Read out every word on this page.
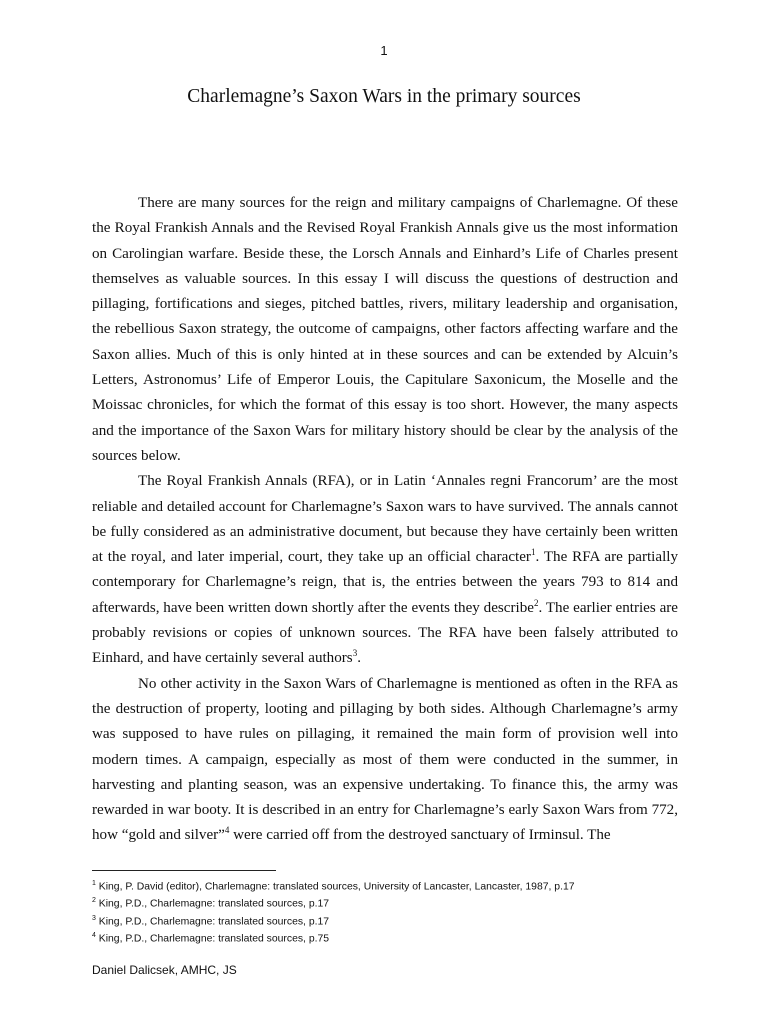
1
Charlemagne’s Saxon Wars in the primary sources

There are many sources for the reign and military campaigns of Charlemagne. Of these the Royal Frankish Annals and the Revised Royal Frankish Annals give us the most information on Carolingian warfare. Beside these, the Lorsch Annals and Einhard’s Life of Charles present themselves as valuable sources. In this essay I will discuss the questions of destruction and pillaging, fortifications and sieges, pitched battles, rivers, military leadership and organisation, the rebellious Saxon strategy, the outcome of campaigns, other factors affecting warfare and the Saxon allies. Much of this is only hinted at in these sources and can be extended by Alcuin’s Letters, Astronomus’ Life of Emperor Louis, the Capitulare Saxonicum, the Moselle and the Moissac chronicles, for which the format of this essay is too short. However, the many aspects and the importance of the Saxon Wars for military history should be clear by the analysis of the sources below.

The Royal Frankish Annals (RFA), or in Latin ‘Annales regni Francorum’ are the most reliable and detailed account for Charlemagne’s Saxon wars to have survived. The annals cannot be fully considered as an administrative document, but because they have certainly been written at the royal, and later imperial, court, they take up an official character$^1$. The RFA are partially contemporary for Charlemagne’s reign, that is, the entries between the years 793 to 814 and afterwards, have been written down shortly after the events they describe$^2$. The earlier entries are probably revisions or copies of unknown sources. The RFA have been falsely attributed to Einhard, and have certainly several authors$^3$.

No other activity in the Saxon Wars of Charlemagne is mentioned as often in the RFA as the destruction of property, looting and pillaging by both sides. Although Charlemagne’s army was supposed to have rules on pillaging, it remained the main form of provision well into modern times. A campaign, especially as most of them were conducted in the summer, in harvesting and planting season, was an expensive undertaking. To finance this, the army was rewarded in war booty. It is described in an entry for Charlemagne’s early Saxon Wars from 772, how “gold and silver”$^4$ were carried off from the destroyed sanctuary of Irminsul. The

$^1$ King, P. David (editor), Charlemagne: translated sources, University of Lancaster, Lancaster, 1987, p.17
$^2$ King, P.D., Charlemagne: translated sources, p.17
$^3$ King, P.D., Charlemagne: translated sources, p.17
$^4$ King, P.D., Charlemagne: translated sources, p.75
Daniel Dalicsek, AMHC, JS
